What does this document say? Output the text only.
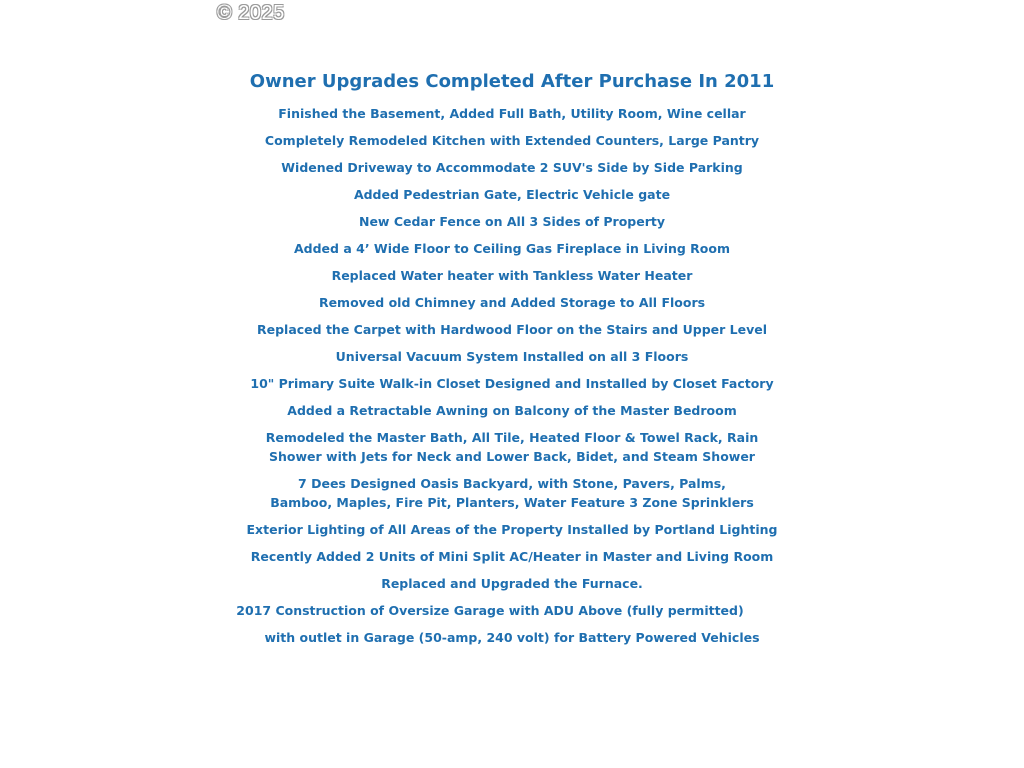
© 2025
Owner Upgrades Completed After Purchase In 2011
Finished the Basement, Added Full Bath, Utility Room, Wine cellar
Completely Remodeled Kitchen with Extended Counters, Large Pantry
Widened Driveway to Accommodate 2 SUV's Side by Side Parking
Added Pedestrian Gate, Electric Vehicle gate
New Cedar Fence on All 3 Sides of Property
Added a 4’ Wide Floor to Ceiling Gas Fireplace in Living Room
Replaced Water heater with Tankless Water Heater
Removed old Chimney and Added Storage to All Floors
Replaced the Carpet with Hardwood Floor on the Stairs and Upper Level
Universal Vacuum System Installed on all 3 Floors
10" Primary Suite Walk-in Closet Designed and Installed by Closet Factory
Added a Retractable Awning on Balcony of the Master Bedroom
Remodeled the Master Bath, All Tile, Heated Floor & Towel Rack, Rain
Shower with Jets for Neck and Lower Back, Bidet, and Steam Shower
7 Dees Designed Oasis Backyard, with Stone, Pavers, Palms,
Bamboo, Maples, Fire Pit, Planters, Water Feature 3 Zone Sprinklers
Exterior Lighting of All Areas of the Property Installed by Portland Lighting
Recently Added 2 Units of Mini Split AC/Heater in Master and Living Room
Replaced and Upgraded the Furnace.
2017 Construction of Oversize Garage with ADU Above (fully permitted)
with outlet in Garage (50-amp, 240 volt) for Battery Powered Vehicles
